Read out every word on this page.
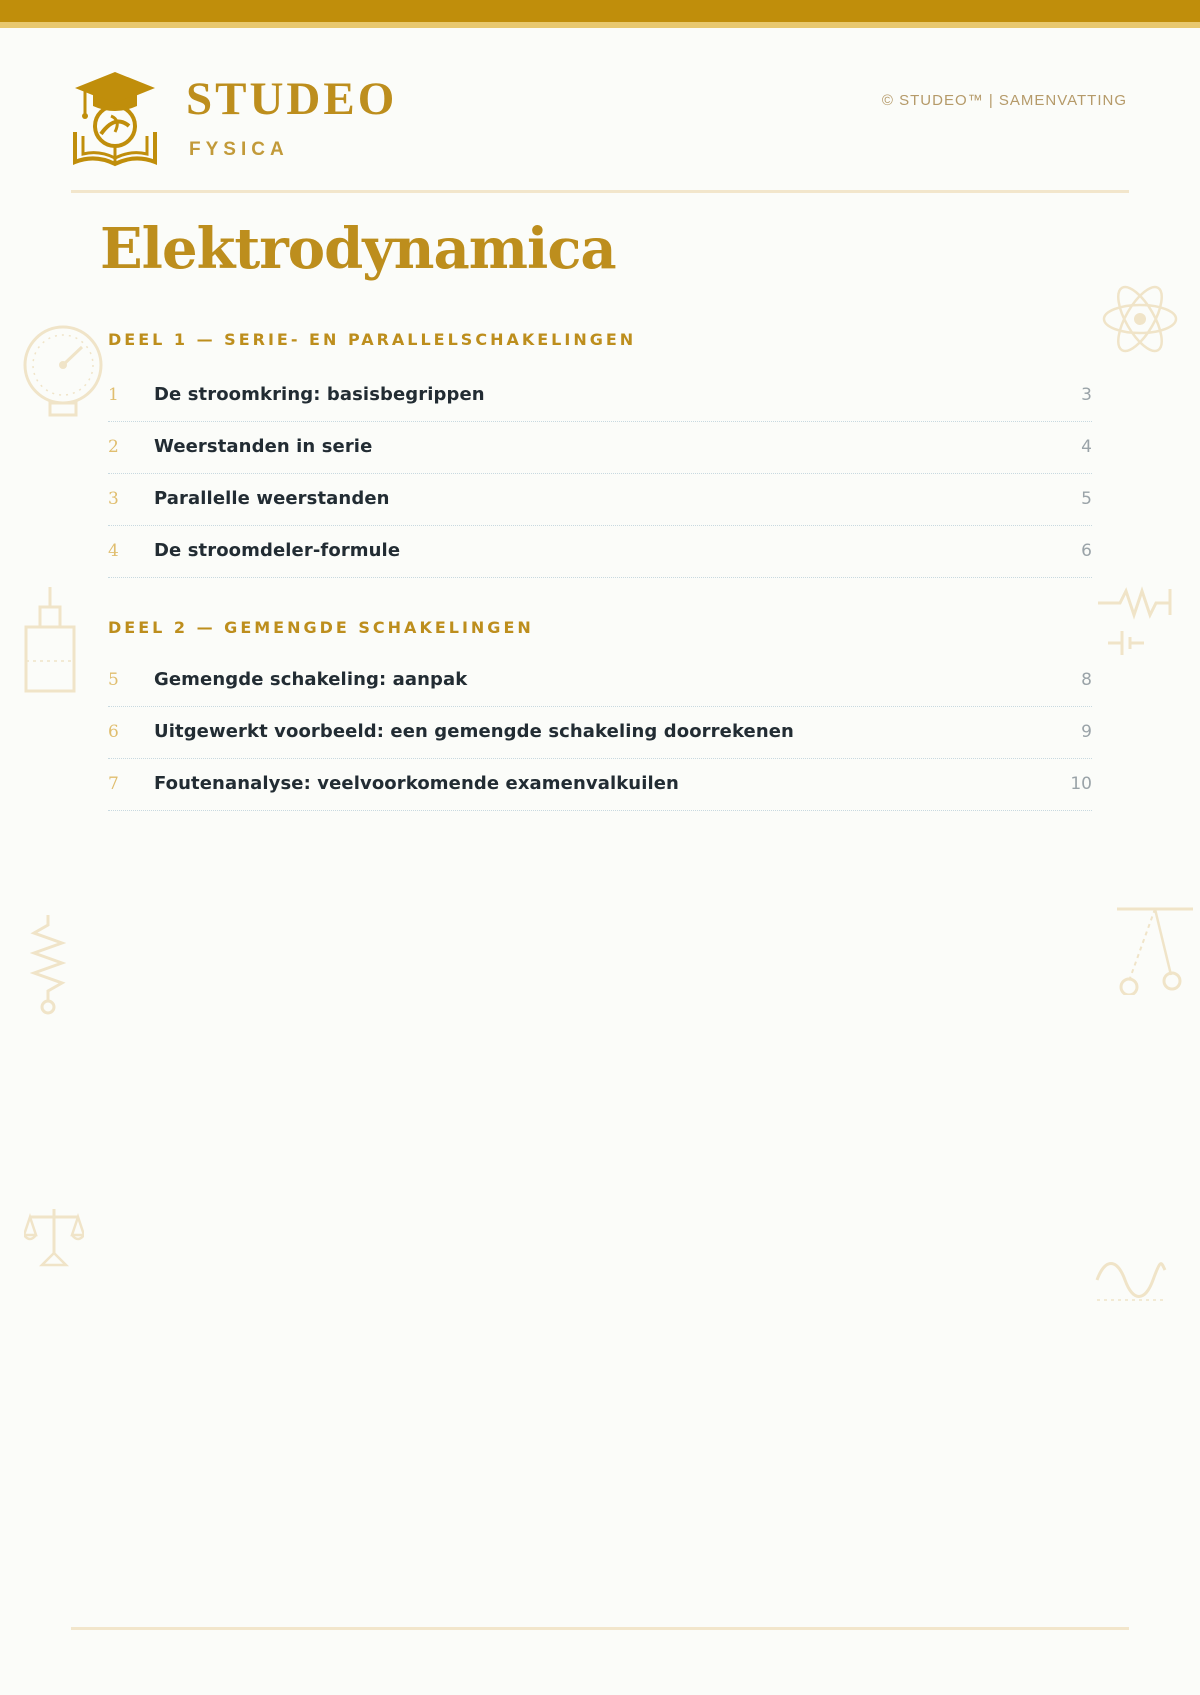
STUDEO
FYSICA
© STUDEO™ | SAMENVATTING
Elektrodynamica
DEEL 1 — SERIE- EN PARALLELSCHAKELINGEN
1 De stroomkring: basisbegrippen	3
2 Weerstanden in serie	4
3 Parallelle weerstanden	5
4 De stroomdeler-formule	6
DEEL 2 — GEMENGDE SCHAKELINGEN
5 Gemengde schakeling: aanpak	8
6 Uitgewerkt voorbeeld: een gemengde schakeling doorrekenen	9
7 Foutenanalyse: veelvoorkomende examenvalkuilen	10
